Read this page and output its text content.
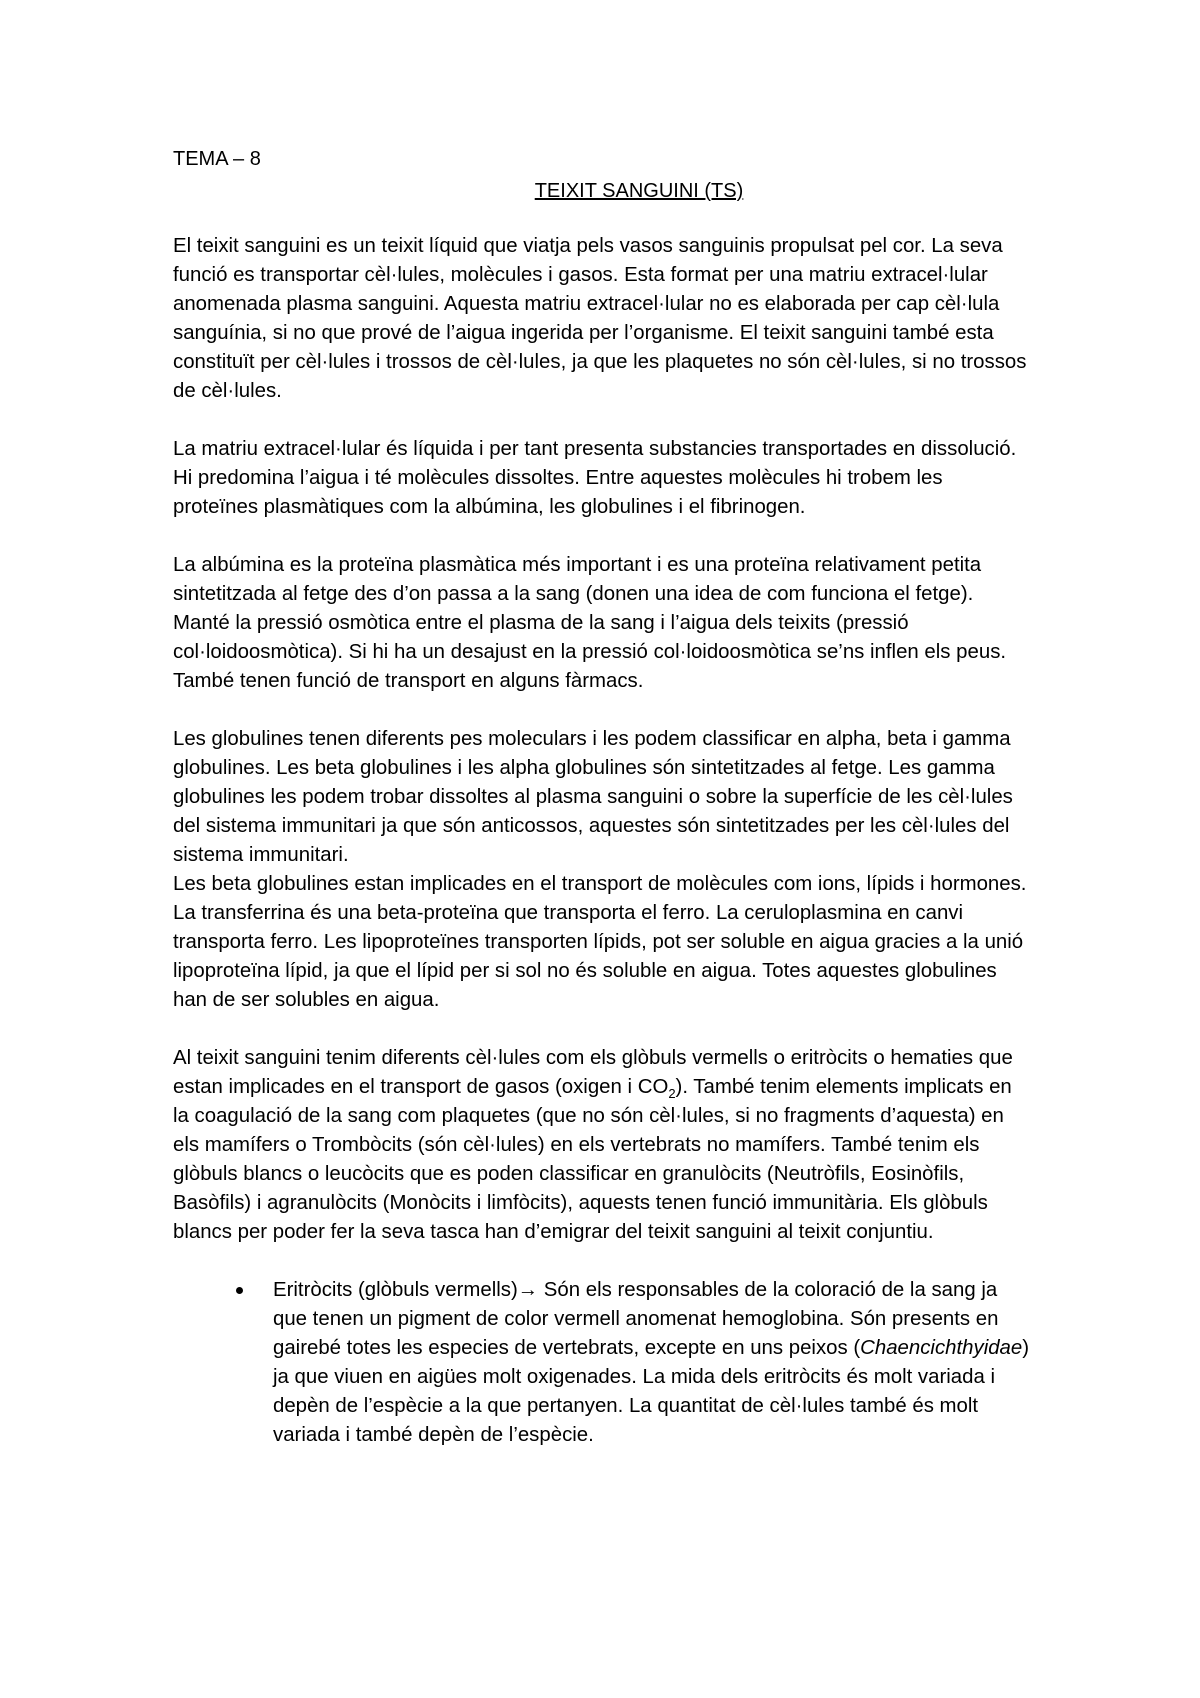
TEMA – 8
TEIXIT SANGUINI (TS)

El teixit sanguini es un teixit líquid que viatja pels vasos sanguinis propulsat pel cor. La seva funció es transportar cèl·lules, molècules i gasos. Esta format per una matriu extracel·lular anomenada plasma sanguini. Aquesta matriu extracel·lular no es elaborada per cap cèl·lula sanguínia, si no que prové de l’aigua ingerida per l’organisme. El teixit sanguini també esta constituït per cèl·lules i trossos de cèl·lules, ja que les plaquetes no són cèl·lules, si no trossos de cèl·lules.

La matriu extracel·lular és líquida i per tant presenta substancies transportades en dissolució. Hi predomina l’aigua i té molècules dissoltes. Entre aquestes molècules hi trobem les proteïnes plasmàtiques com la albúmina, les globulines i el fibrinogen.

La albúmina es la proteïna plasmàtica més important i es una proteïna relativament petita sintetitzada al fetge des d’on passa a la sang (donen una idea de com funciona el fetge). Manté la pressió osmòtica entre el plasma de la sang i l’aigua dels teixits (pressió col·loidoosmòtica). Si hi ha un desajust en la pressió col·loidoosmòtica se’ns inflen els peus. També tenen funció de transport en alguns fàrmacs.

Les globulines tenen diferents pes moleculars i les podem classificar en alpha, beta i gamma globulines. Les beta globulines i les alpha globulines són sintetitzades al fetge. Les gamma globulines les podem trobar dissoltes al plasma sanguini o sobre la superfície de les cèl·lules del sistema immunitari ja que són anticossos, aquestes són sintetitzades per les cèl·lules del sistema immunitari.

Les beta globulines estan implicades en el transport de molècules com ions, lípids i hormones. La transferrina és una beta-proteïna que transporta el ferro. La ceruloplasmina en canvi transporta ferro. Les lipoproteïnes transporten lípids, pot ser soluble en aigua gracies a la unió lipoproteïna lípid, ja que el lípid per si sol no és soluble en aigua. Totes aquestes globulines han de ser solubles en aigua.

Al teixit sanguini tenim diferents cèl·lules com els glòbuls vermells o eritròcits o hematies que estan implicades en el transport de gasos (oxigen i $CO_2$). També tenim elements implicats en la coagulació de la sang com plaquetes (que no són cèl·lules, si no fragments d’aquesta) en els mamífers o Trombòcits (són cèl·lules) en els vertebrats no mamífers. També tenim els glòbuls blancs o leucòcits que es poden classificar en granulòcits (Neutròfils, Eosinòfils, Basòfils) i agranulòcits (Monòcits i limfòcits), aquests tenen funció immunitària. Els glòbuls blancs per poder fer la seva tasca han d’emigrar del teixit sanguini al teixit conjuntiu.

Eritròcits (glòbuls vermells)→ Són els responsables de la coloració de la sang ja que tenen un pigment de color vermell anomenat hemoglobina. Són presents en gairebé totes les especies de vertebrats, excepte en uns peixos (Chaencichthyidae) ja que viuen en aigües molt oxigenades. La mida dels eritròcits és molt variada i depèn de l’espècie a la que pertanyen. La quantitat de cèl·lules també és molt variada i també depèn de l’espècie.
